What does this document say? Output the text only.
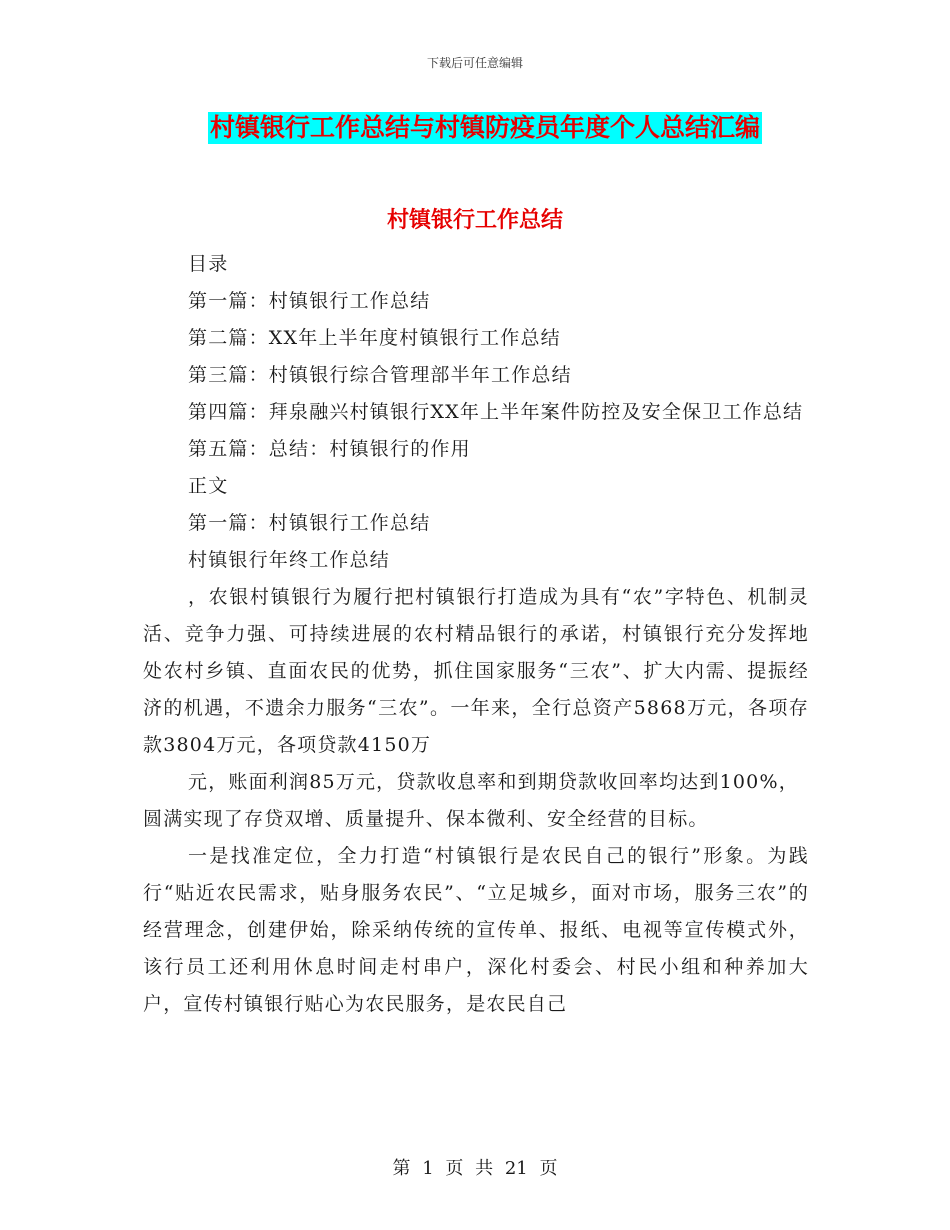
下载后可任意编辑
村镇银行工作总结与村镇防疫员年度个人总结汇编
村镇银行工作总结

目录

第一篇：村镇银行工作总结

第二篇：XX年上半年度村镇银行工作总结

第三篇：村镇银行综合管理部半年工作总结

第四篇：拜泉融兴村镇银行XX年上半年案件防控及安全保卫工作总结

第五篇：总结：村镇银行的作用

正文

第一篇：村镇银行工作总结

村镇银行年终工作总结

，农银村镇银行为履行把村镇银行打造成为具有“农”字特色、机制灵活、竞争力强、可持续进展的农村精品银行的承诺，村镇银行充分发挥地处农村乡镇、直面农民的优势，抓住国家服务“三农”、扩大内需、提振经济的机遇，不遗余力服务“三农”。一年来，全行总资产5868万元，各项存款3804万元，各项贷款4150万

元，账面利润85万元，贷款收息率和到期贷款收回率均达到100%，圆满实现了存贷双增、质量提升、保本微利、安全经营的目标。

一是找准定位，全力打造“村镇银行是农民自己的银行”形象。为践行“贴近农民需求，贴身服务农民”、“立足城乡，面对市场，服务三农”的经营理念，创建伊始，除采纳传统的宣传单、报纸、电视等宣传模式外，该行员工还利用休息时间走村串户，深化村委会、村民小组和种养加大户，宣传村镇银行贴心为农民服务，是农民自己

第 1 页 共 21 页
